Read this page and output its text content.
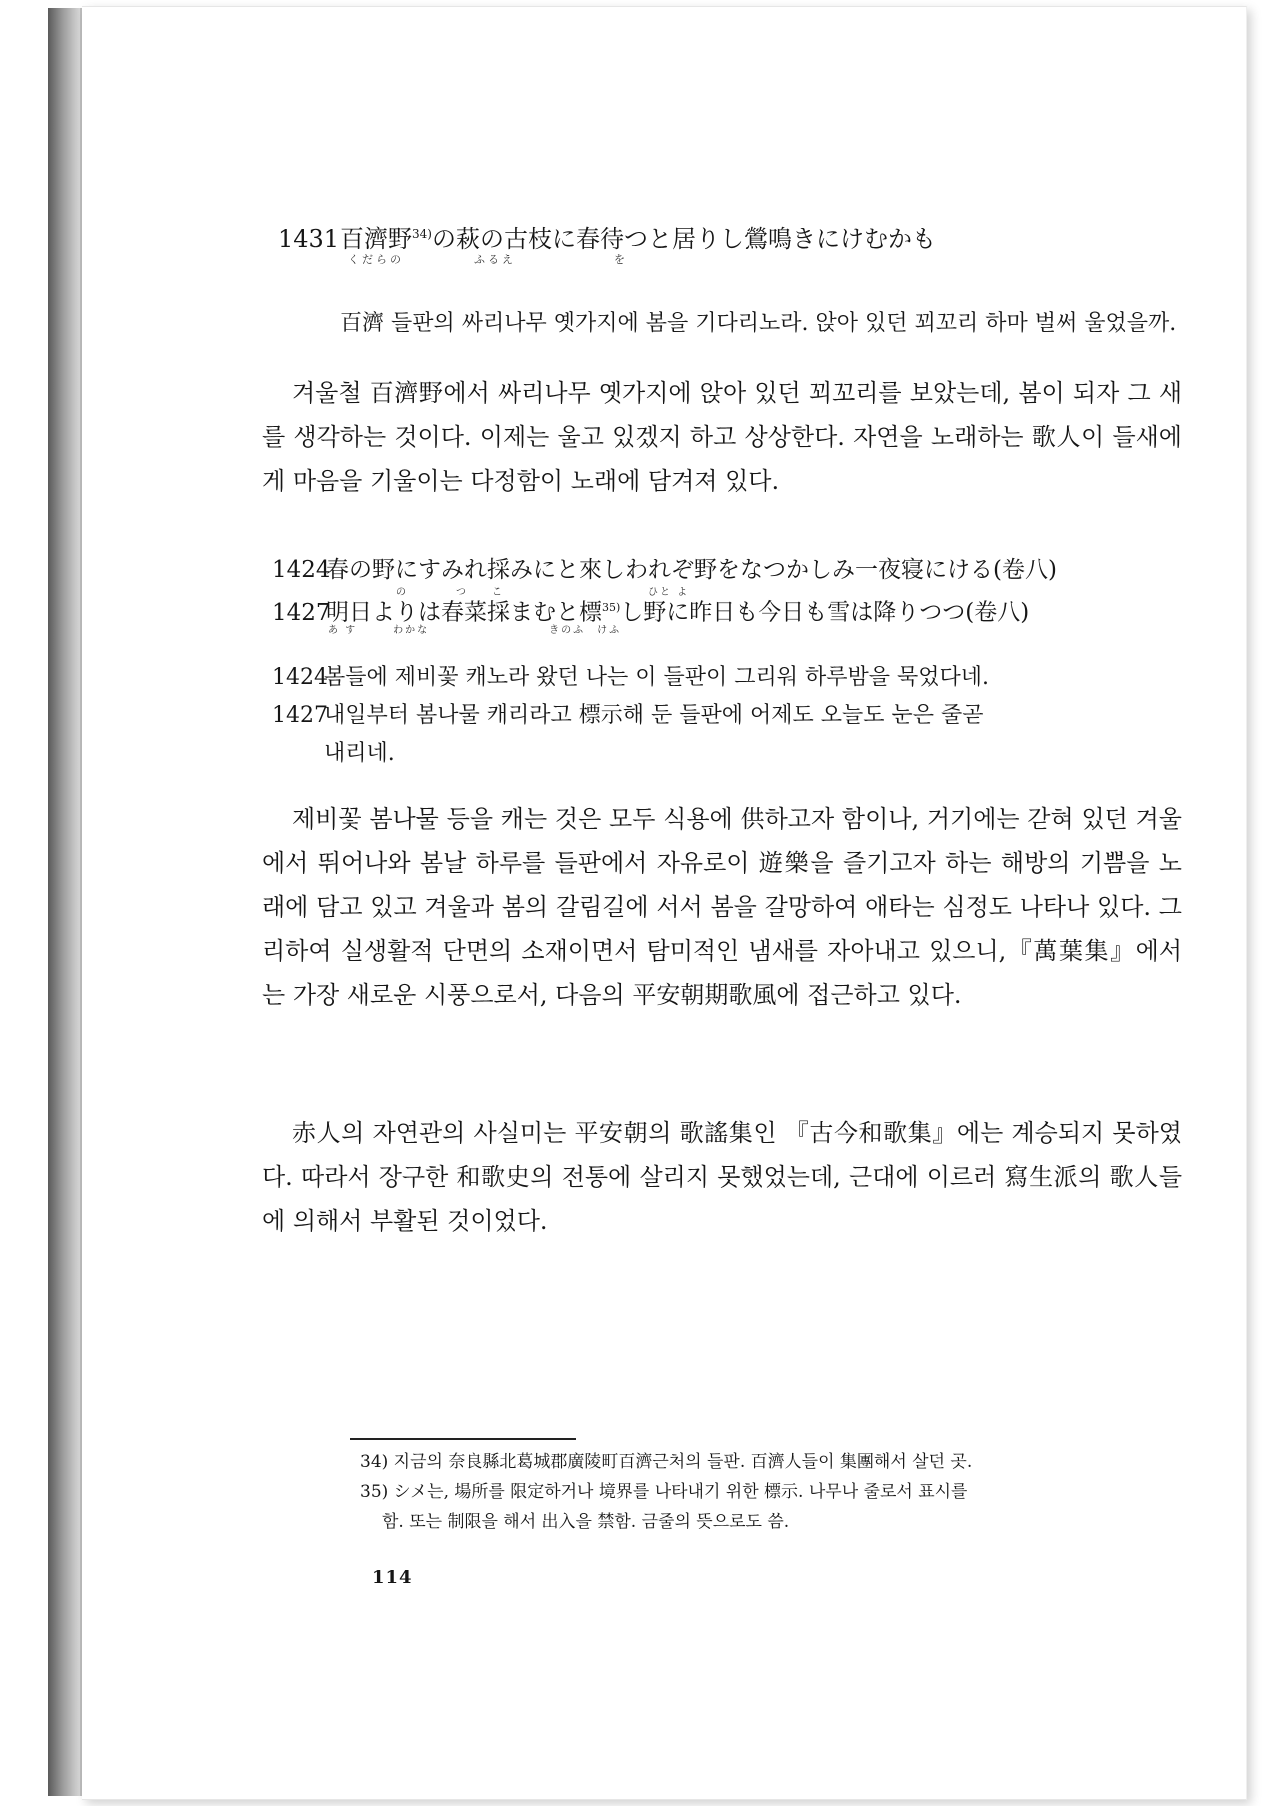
1431百濟野$^{34)}$の萩の古枝に春待つと居りし鶯鳴きにけむかも
くだらの　　　　　ふるえ　　　　　　　を
百濟 들판의 싸리나무 옛가지에 봄을 기다리노라. 앉아 있던 꾀꼬리 하마 벌써 울었을까.
겨울철 百濟野에서 싸리나무 옛가지에 앉아 있던 꾀꼬리를 보았는데, 봄이 되자 그 새를 생각하는 것이다. 이제는 울고 있겠지 하고 상상한다. 자연을 노래하는 歌人이 들새에게 마음을 기울이는 다정함이 노래에 담겨져 있다.
1424春の野にすみれ採みにと來しわれぞ野をなつかしみ一夜寝にける(卷八)
の　　　　つ　　こ　　　　　　　　　　　　ひと よ
1427明日よりは春菜採まむと標$^{35)}$し野に昨日も今日も雪は降りつつ(卷八)
あ す　　　わかな　　　　　　　　　　きのふ　けふ
1424봄들에 제비꽃 캐노라 왔던 나는 이 들판이 그리워 하루밤을 묵었다네.
1427내일부터 봄나물 캐리라고 標示해 둔 들판에 어제도 오늘도 눈은 줄곧
내리네.
제비꽃 봄나물 등을 캐는 것은 모두 식용에 供하고자 함이나, 거기에는 갇혀 있던 겨울에서 뛰어나와 봄날 하루를 들판에서 자유로이 遊樂을 즐기고자 하는 해방의 기쁨을 노래에 담고 있고 겨울과 봄의 갈림길에 서서 봄을 갈망하여 애타는 심정도 나타나 있다. 그리하여 실생활적 단면의 소재이면서 탐미적인 냄새를 자아내고 있으니,『萬葉集』에서는 가장 새로운 시풍으로서, 다음의 平安朝期歌風에 접근하고 있다.
赤人의 자연관의 사실미는 平安朝의 歌謠集인 『古今和歌集』에는 계승되지 못하였다. 따라서 장구한 和歌史의 전통에 살리지 못했었는데, 근대에 이르러 寫生派의 歌人들에 의해서 부활된 것이었다.
34) 지금의 奈良縣北葛城郡廣陵町百濟근처의 들판. 百濟人들이 集團해서 살던 곳.
35) シメ는, 場所를 限定하거나 境界를 나타내기 위한 標示. 나무나 줄로서 표시를
함. 또는 制限을 해서 出入을 禁함. 금줄의 뜻으로도 씀.
114
